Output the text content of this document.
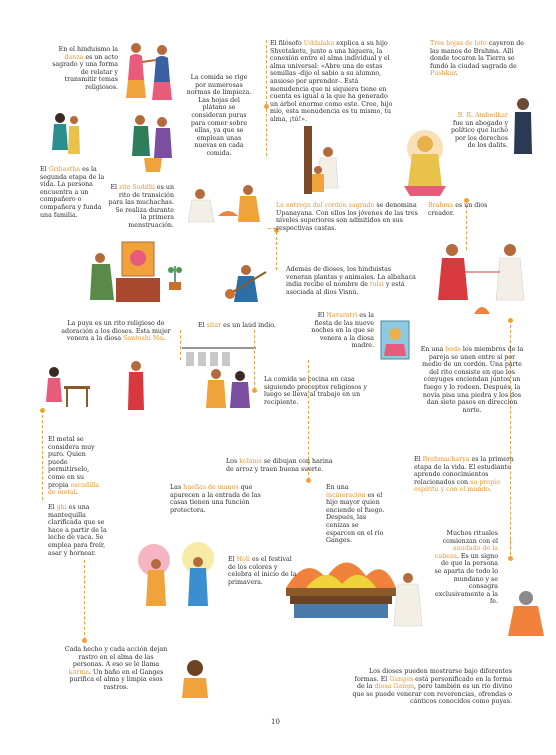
En el hinduismo la danza es un acto sagrado y una forma de relatar y transmitir temas religiosos.
La comida se rige por numerosas normas de limpieza. Las hojas del plátano se consideran puras para comer sobre ellas, ya que se emplean unas nuevas en cada comida.
El filósofo Uddalaka explica a su hijo Shvetaketu, junto a una higuera, la conexión entre el alma individual y el alma universal: «Abre una de estas semillas -dijo el sabio a su alumno, ansioso por aprender-. Está menudencia que ni siquiera tiene en cuenta es igual a la que ha generado un árbol enorme como este. Cree, hijo mío, esta menudencia es tu mismo, tu alma, ¡tú!».
Tres hojas de loto cayeron de las manos de Brahma. Allí donde tocaron la Tierra se fundó la ciudad sagrada de Pushkar.
B. R. Ambedkar fue un abogado y político que luchó por los derechos de los dalits.
El Grihastha es la segunda etapa de la vida. La persona encuentra a un compañero o compañera y funda una familia.
El rito Suddhi es un rito de transición para las muchachas. Se realiza durante la primera menstruación.
La entrega del cordón sagrado se denomina Upanayana. Con ellos los jóvenes de las tres niveles superiores son admitidos en sus respectivas castas.
Brahma es un dios creador.
Además de dioses, los hinduistas veneran plantas y animales. La albahaca india recibe el nombre de tulsi y está asociada al dios Visnú.
La puya es un rito religioso de adoración a los dioses. Esta mujer venera a la diosa Santoshi Ma.
El sitar es un laúd indio.
El Navaratri es la fiesta de las nueve noches en la que se venera a la diosa madre.
En una boda los miembros de la pareja se unen entre sí por medio de un cordón. Una parte del rito consiste en que los cónyuges enciendan juntos un fuego y lo rodeen. Después, la novia pisa una piedra y los dos dan siete pasos en dirección norte.
La comida se cocina en casa siguiendo preceptos religiosos y luego se lleva al trabajo en un recipiente.
El metal se considera muy puro. Quien puede permitírselo, come en su propia escudilla de metal.
Los kolams se dibujan con harina de arroz y traen buena suerte.
El Brahmacharya es la primera etapa de la vida. El estudiante aprende conocimientos relacionados con su propio espíritu y con el mundo.
El ghi es una mantequilla clarificada que se hace a partir de la leche de vaca. Se emplea para freír, asar y hornear.
Las huellas de manos que aparecen a la entrada de las casas tienen una función protectora.
En una incineración es el hijo mayor quien enciende el fuego. Después, las cenizas se esparcen en el río Ganges.
Muchos rituales comienzan con el anudado de la cabeza. Es un signo de que la persona se aparta de todo lo mundano y se consagra exclusivamente a la fe.
El Holi es el festival de los colores y celebra el inicio de la primavera.
Cada hecho y cada acción dejan rastro en el alma de las personas. A eso se le llama karma. Un baño en el Ganges purifica el alma y limpia esos rastros.
Los dioses pueden mostrarse bajo diferentes formas. El Ganges está personificado en la forma de la diosa Ganga, pero también es un río divino que se puede venerar con reverencias, ofrendas o cánticos conocidos como puyas.
10
